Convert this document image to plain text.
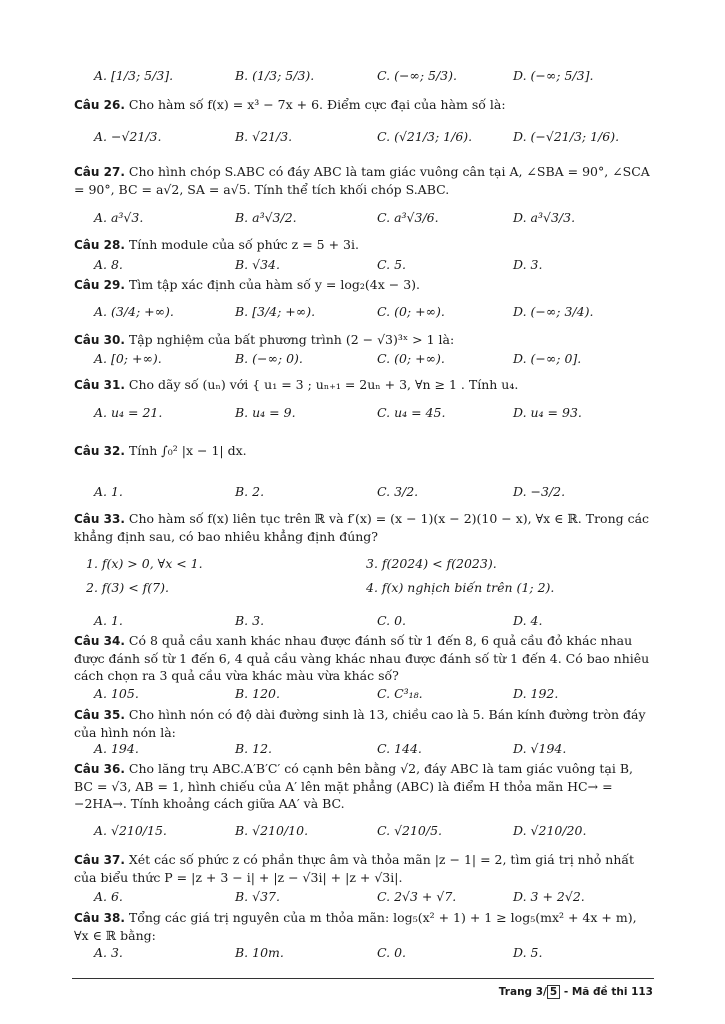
A. [1/3; 5/3].	B. (1/3; 5/3).	C. (−∞; 5/3).	D. (−∞; 5/3].
Câu 26. Cho hàm số f(x) = x³ − 7x + 6. Điểm cực đại của hàm số là:
A. −√21/3.	B. √21/3.	C. (√21/3; 1/6).	D. (−√21/3; 1/6).
Câu 27. Cho hình chóp S.ABC có đáy ABC là tam giác vuông cân tại A, ∠SBA = 90°, ∠SCA = 90°, BC = a√2, SA = a√5. Tính thể tích khối chóp S.ABC.
A. a³√3.	B. a³√3/2.	C. a³√3/6.	D. a³√3/3.
Câu 28. Tính module của số phức z = 5 + 3i.
A. 8.	B. √34.	C. 5.	D. 3.
Câu 29. Tìm tập xác định của hàm số y = log₂(4x − 3).
A. (3/4; +∞).	B. [3/4; +∞).	C. (0; +∞).	D. (−∞; 3/4).
Câu 30. Tập nghiệm của bất phương trình (2 − √3)³ˣ > 1 là:
A. [0; +∞).	B. (−∞; 0).	C. (0; +∞).	D. (−∞; 0].
Câu 31. Cho dãy số (uₙ) với { u₁ = 3 ; uₙ₊₁ = 2uₙ + 3, ∀n ≥ 1 . Tính u₄.
A. u₄ = 21.	B. u₄ = 9.	C. u₄ = 45.	D. u₄ = 93.
Câu 32. Tính ∫₀² |x − 1| dx.
A. 1.	B. 2.	C. 3/2.	D. −3/2.
Câu 33. Cho hàm số f(x) liên tục trên ℝ và f′(x) = (x − 1)(x − 2)(10 − x), ∀x ∈ ℝ. Trong các khẳng định sau, có bao nhiêu khẳng định đúng?
1. f(x) > 0, ∀x < 1.	3. f(2024) < f(2023).
2. f(3) < f(7).	4. f(x) nghịch biến trên (1; 2).
A. 1.	B. 3.	C. 0.	D. 4.
Câu 34. Có 8 quả cầu xanh khác nhau được đánh số từ 1 đến 8, 6 quả cầu đỏ khác nhau được đánh số từ 1 đến 6, 4 quả cầu vàng khác nhau được đánh số từ 1 đến 4. Có bao nhiêu cách chọn ra 3 quả cầu vừa khác màu vừa khác số?
A. 105.	B. 120.	C. C³₁₈.	D. 192.
Câu 35. Cho hình nón có độ dài đường sinh là 13, chiều cao là 5. Bán kính đường tròn đáy của hình nón là:
A. 194.	B. 12.	C. 144.	D. √194.
Câu 36. Cho lăng trụ ABC.A′B′C′ có cạnh bên bằng √2, đáy ABC là tam giác vuông tại B, BC = √3, AB = 1, hình chiếu của A′ lên mặt phẳng (ABC) là điểm H thỏa mãn HC→ = −2HA→. Tính khoảng cách giữa AA′ và BC.
A. √210/15.	B. √210/10.	C. √210/5.	D. √210/20.
Câu 37. Xét các số phức z có phần thực âm và thỏa mãn |z − 1| = 2, tìm giá trị nhỏ nhất của biểu thức P = |z + 3 − i| + |z − √3i| + |z + √3i|.
A. 6.	B. √37.	C. 2√3 + √7.	D. 3 + 2√2.
Câu 38. Tổng các giá trị nguyên của m thỏa mãn: log₅(x² + 1) + 1 ≥ log₅(mx² + 4x + m), ∀x ∈ ℝ bằng:
A. 3.	B. 10m.	C. 0.	D. 5.
Trang 3/ 5 - Mã đề thi 113
